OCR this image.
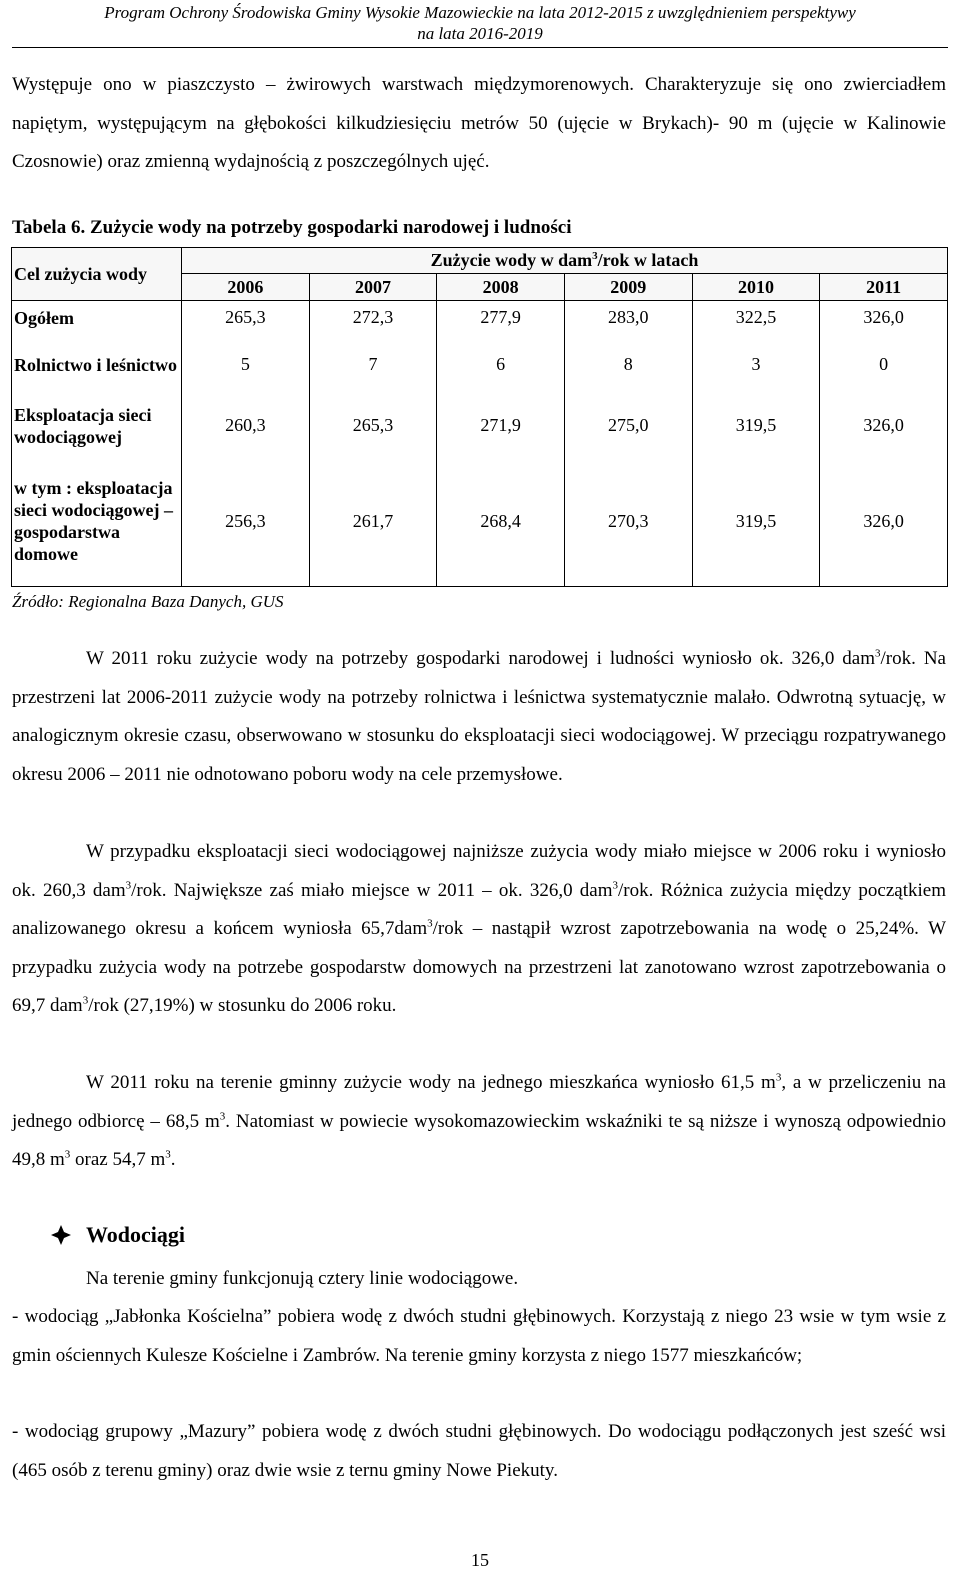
Program Ochrony Środowiska Gminy Wysokie Mazowieckie na lata 2012-2015 z uwzględnieniem perspektywy
na lata 2016-2019

Występuje ono w piaszczysto – żwirowych warstwach międzymorenowych. Charakteryzuje się ono zwierciadłem napiętym, występującym na głębokości kilkudziesięciu metrów 50 (ujęcie w Brykach)- 90 m (ujęcie w Kalinowie Czosnowie) oraz zmienną wydajnością z poszczególnych ujęć.

Tabela 6. Zużycie wody na potrzeby gospodarki narodowej i ludności
Cel zużycia wody	Zużycie wody w dam$^3$/rok w latach					
	2006	2007	2008	2009	2010	2011
Ogółem	265,3	272,3	277,9	283,0	322,5	326,0
Rolnictwo i leśnictwo	5	7	6	8	3	0
Eksploatacja sieci wodociągowej	260,3	265,3	271,9	275,0	319,5	326,0
w tym : eksploatacja sieci wodociągowej – gospodarstwa domowe	256,3	261,7	268,4	270,3	319,5	326,0
Źródło: Regionalna Baza Danych, GUS

W 2011 roku zużycie wody na potrzeby gospodarki narodowej i ludności wyniosło ok. 326,0 dam$^3$/rok. Na przestrzeni lat 2006-2011 zużycie wody na potrzeby rolnictwa i leśnictwa systematycznie malało. Odwrotną sytuację, w analogicznym okresie czasu, obserwowano w stosunku do eksploatacji sieci wodociągowej. W przeciągu rozpatrywanego okresu 2006 – 2011 nie odnotowano poboru wody na cele przemysłowe.

W przypadku eksploatacji sieci wodociągowej najniższe zużycia wody miało miejsce w 2006 roku i wyniosło ok. 260,3 dam$^3$/rok. Największe zaś miało miejsce w 2011 – ok. 326,0 dam$^3$/rok. Różnica zużycia między początkiem analizowanego okresu a końcem wyniosła 65,7dam$^3$/rok – nastąpił wzrost zapotrzebowania na wodę o 25,24%. W przypadku zużycia wody na potrzebe gospodarstw domowych na przestrzeni lat zanotowano wzrost zapotrzebowania o 69,7 dam$^3$/rok (27,19%) w stosunku do 2006 roku.

W 2011 roku na terenie gminny zużycie wody na jednego mieszkańca wyniosło 61,5 $m^3$, a w przeliczeniu na jednego odbiorcę – 68,5 $m^3$. Natomiast w powiecie wysokomazowieckim wskaźniki te są niższe i wynoszą odpowiednio 49,8 $m^3$ oraz 54,7 $m^3$.

Wodociągi

Na terenie gminy funkcjonują cztery linie wodociągowe.

- wodociąg „Jabłonka Kościelna” pobiera wodę z dwóch studni głębinowych. Korzystają z niego 23 wsie w tym wsie z gmin ościennych Kulesze Kościelne i Zambrów. Na terenie gminy korzysta z niego 1577 mieszkańców;

- wodociąg grupowy „Mazury” pobiera wodę z dwóch studni głębinowych. Do wodociągu podłączonych jest sześć wsi (465 osób z terenu gminy) oraz dwie wsie z ternu gminy Nowe Piekuty.

15
